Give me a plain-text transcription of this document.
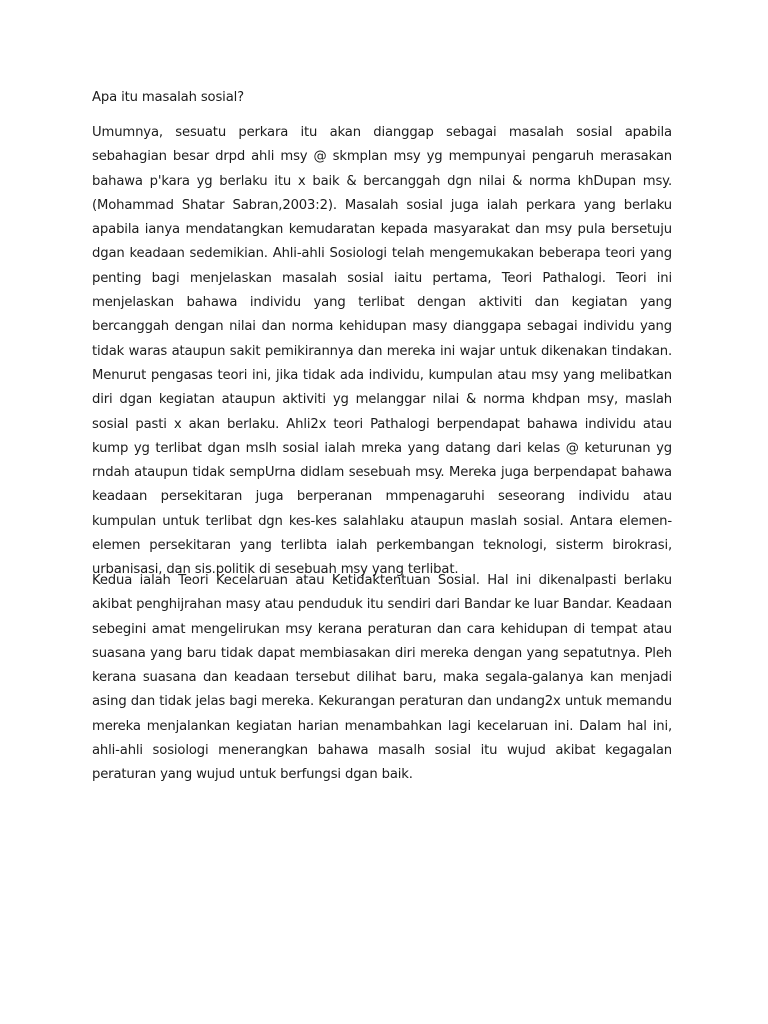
Apa itu masalah sosial?
Umumnya, sesuatu perkara itu akan dianggap sebagai masalah sosial apabila sebahagian besar drpd ahli msy @ skmplan msy yg mempunyai pengaruh merasakan bahawa p'kara yg berlaku itu x baik & bercanggah dgn nilai & norma khDupan msy.(Mohammad Shatar Sabran,2003:2). Masalah sosial juga ialah perkara yang berlaku apabila ianya mendatangkan kemudaratan kepada masyarakat dan msy pula bersetuju dgan keadaan sedemikian. Ahli-ahli Sosiologi telah mengemukakan beberapa teori yang penting bagi menjelaskan masalah sosial iaitu pertama, Teori Pathalogi. Teori ini menjelaskan bahawa individu yang terlibat dengan aktiviti dan kegiatan yang bercanggah dengan nilai dan norma kehidupan masy dianggapa sebagai individu yang tidak waras ataupun sakit pemikirannya dan mereka ini wajar untuk dikenakan tindakan. Menurut pengasas teori ini, jika tidak ada individu, kumpulan atau msy yang melibatkan diri dgan kegiatan ataupun aktiviti yg melanggar nilai & norma khdpan msy, maslah sosial pasti x akan berlaku. Ahli2x teori Pathalogi berpendapat bahawa individu atau kump yg terlibat dgan mslh sosial ialah mreka yang datang dari kelas @ keturunan yg rndah ataupun tidak sempUrna didlam sesebuah msy. Mereka juga berpendapat bahawa keadaan persekitaran juga berperanan mmpenagaruhi seseorang individu atau kumpulan untuk terlibat dgn kes-kes salahlaku ataupun maslah sosial. Antara elemen-elemen persekitaran yang terlibta ialah perkembangan teknologi, sisterm birokrasi, urbanisasi, dan sis.politik di sesebuah msy yang terlibat.
Kedua ialah Teori Kecelaruan atau Ketidaktentuan Sosial. Hal ini dikenalpasti berlaku akibat penghijrahan masy atau penduduk itu sendiri dari Bandar ke luar Bandar. Keadaan sebegini amat mengelirukan msy kerana peraturan dan cara kehidupan di tempat atau suasana yang baru tidak dapat membiasakan diri mereka dengan yang sepatutnya. Pleh kerana suasana dan keadaan tersebut dilihat baru, maka segala-galanya kan menjadi asing dan tidak jelas bagi mereka. Kekurangan peraturan dan undang2x untuk memandu mereka menjalankan kegiatan harian menambahkan lagi kecelaruan ini. Dalam hal ini, ahli-ahli sosiologi menerangkan bahawa masalh sosial itu wujud akibat kegagalan peraturan yang wujud untuk berfungsi dgan baik.
